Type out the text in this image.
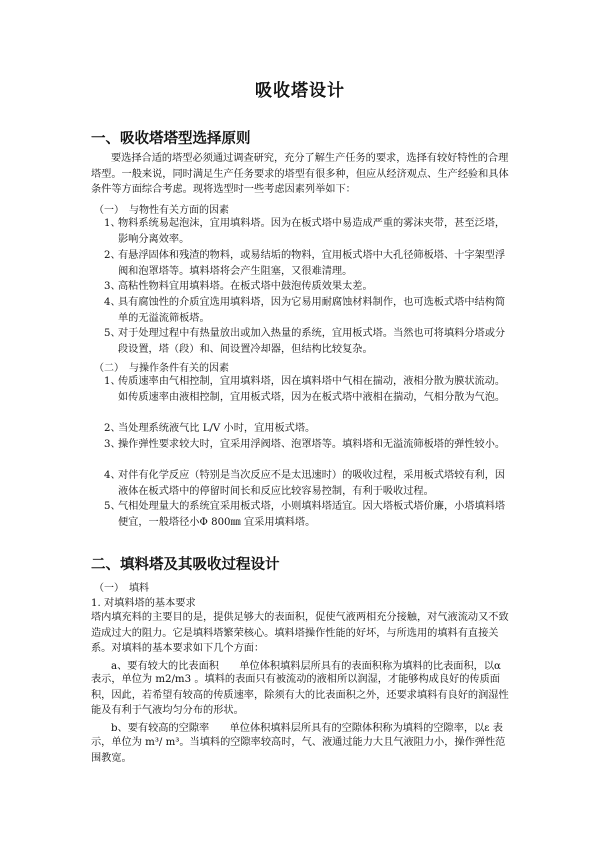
吸收塔设计
一、吸收塔塔型选择原则
要选择合适的塔型必须通过调查研究，充分了解生产任务的要求，选择有较好特性的合理塔型。一般来说，同时满足生产任务要求的塔型有很多种，但应从经济观点、生产经验和具体条件等方面综合考虑。现将选型时一些考虑因素列举如下：
（一）　与物性有关方面的因素
1、
物料系统易起泡沫，宜用填料塔。因为在板式塔中易造成严重的雾沫夹带，甚至泛塔，影响分离效率。
2、
有悬浮固体和残渣的物料，或易结垢的物料，宜用板式塔中大孔径筛板塔、十字架型浮阀和泡罩塔等。填料塔将会产生阻塞，又很难清理。
3、
高粘性物料宜用填料塔。在板式塔中鼓泡传质效果太差。
4、
具有腐蚀性的介质宜选用填料塔，因为它易用耐腐蚀材料制作，也可选板式塔中结构简单的无溢流筛板塔。
5、
对于处理过程中有热量放出或加入热量的系统，宜用板式塔。当然也可将填料分塔或分段设置，塔（段）和、间设置冷却器，但结构比较复杂。
（二）　与操作条件有关的因素
1、
传质速率由气相控制，宜用填料塔，因在填料塔中气相在揣动，液相分散为膜状流动。如传质速率由液相控制，宜用板式塔，因为在板式塔中液相在揣动，气相分散为气泡。
2、
当处理系统液气比 L/V 小时，宜用板式塔。
3、
操作弹性要求较大时，宜采用浮阀塔、泡罩塔等。填料塔和无溢流筛板塔的弹性较小。
4、
对伴有化学反应（特别是当次反应不是太迅速时）的吸收过程，采用板式塔较有利，因液体在板式塔中的停留时间长和反应比较容易控制，有利于吸收过程。
5、
气相处理量大的系统宜采用板式塔，小则填料塔适宜。因大塔板式塔价廉，小塔填料塔便宜，一般塔径小Φ 800㎜ 宜采用填料塔。
二、填料塔及其吸收过程设计
（一）　填料
1. 对填料塔的基本要求
塔内填充料的主要目的是，提供足够大的表面积，促使气液两相充分接触，对气液流动又不致造成过大的阻力。它是填料塔繁荣核心。填料塔操作性能的好坏，与所选用的填料有直接关系。对填料的基本要求如下几个方面：
a、要有较大的比表面积　　单位体积填料层所具有的表面积称为填料的比表面积，以α
表示，单位为 m2/m3 。填料的表面只有被流动的液相所以润湿，才能够构成良好的传质面积，因此，若希望有较高的传质速率，除须有大的比表面积之外，还要求填料有良好的润湿性能及有利于气液均匀分布的形状。
b、要有较高的空隙率　　单位体积填料层所具有的空隙体积称为填料的空隙率，以ε 表
示，单位为 m³/ m³。当填料的空隙率较高时，气、液通过能力大且气液阻力小，操作弹性范围教宽。
